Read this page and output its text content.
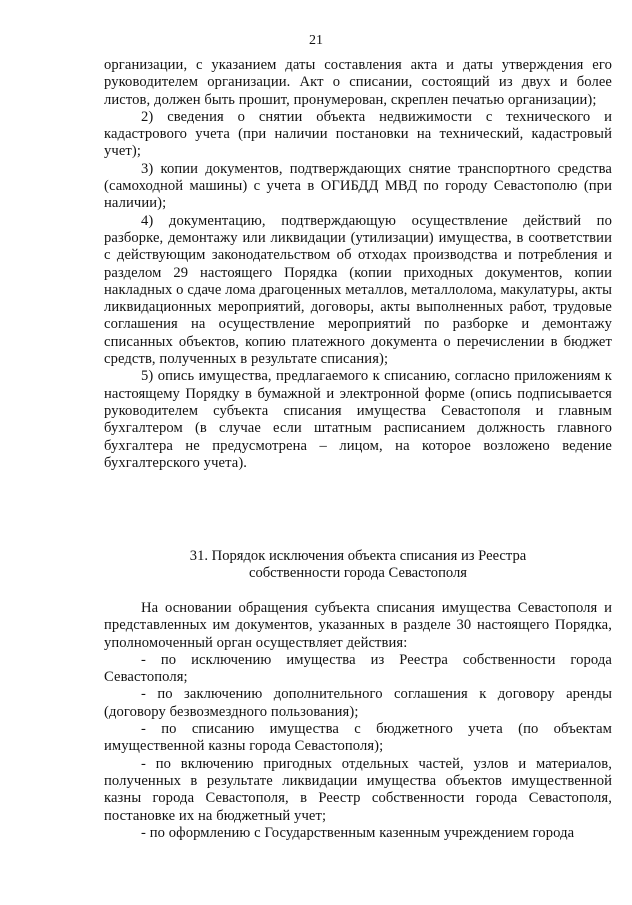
21

организации, с указанием даты составления акта и даты утверждения его руководителем организации. Акт о списании, состоящий из двух и более листов, должен быть прошит, пронумерован, скреплен печатью организации);

2) сведения о снятии объекта недвижимости с технического и кадастрового учета (при наличии постановки на технический, кадастровый учет);

3) копии документов, подтверждающих снятие транспортного средства (самоходной машины) с учета в ОГИБДД МВД по городу Севастополю (при наличии);

4) документацию, подтверждающую осуществление действий по разборке, демонтажу или ликвидации (утилизации) имущества, в соответствии с действующим законодательством об отходах производства и потребления и разделом 29 настоящего Порядка (копии приходных документов, копии накладных о сдаче лома драгоценных металлов, металлолома, макулатуры, акты ликвидационных мероприятий, договоры, акты выполненных работ, трудовые соглашения на осуществление мероприятий по разборке и демонтажу списанных объектов, копию платежного документа о перечислении в бюджет средств, полученных в результате списания);

5) опись имущества, предлагаемого к списанию, согласно приложениям к настоящему Порядку в бумажной и электронной форме (опись подписывается руководителем субъекта списания имущества Севастополя и главным бухгалтером (в случае если штатным расписанием должность главного бухгалтера не предусмотрена – лицом, на которое возложено ведение бухгалтерского учета).

31. Порядок исключения объекта списания из Реестра
собственности города Севастополя

На основании обращения субъекта списания имущества Севастополя и представленных им документов, указанных в разделе 30 настоящего Порядка, уполномоченный орган осуществляет действия:

- по исключению имущества из Реестра собственности города Севастополя;

- по заключению дополнительного соглашения к договору аренды (договору безвозмездного пользования);

- по списанию имущества с бюджетного учета (по объектам имущественной казны города Севастополя);

- по включению пригодных отдельных частей, узлов и материалов, полученных в результате ликвидации имущества объектов имущественной казны города Севастополя, в Реестр собственности города Севастополя, постановке их на бюджетный учет;

- по оформлению с Государственным казенным учреждением города
